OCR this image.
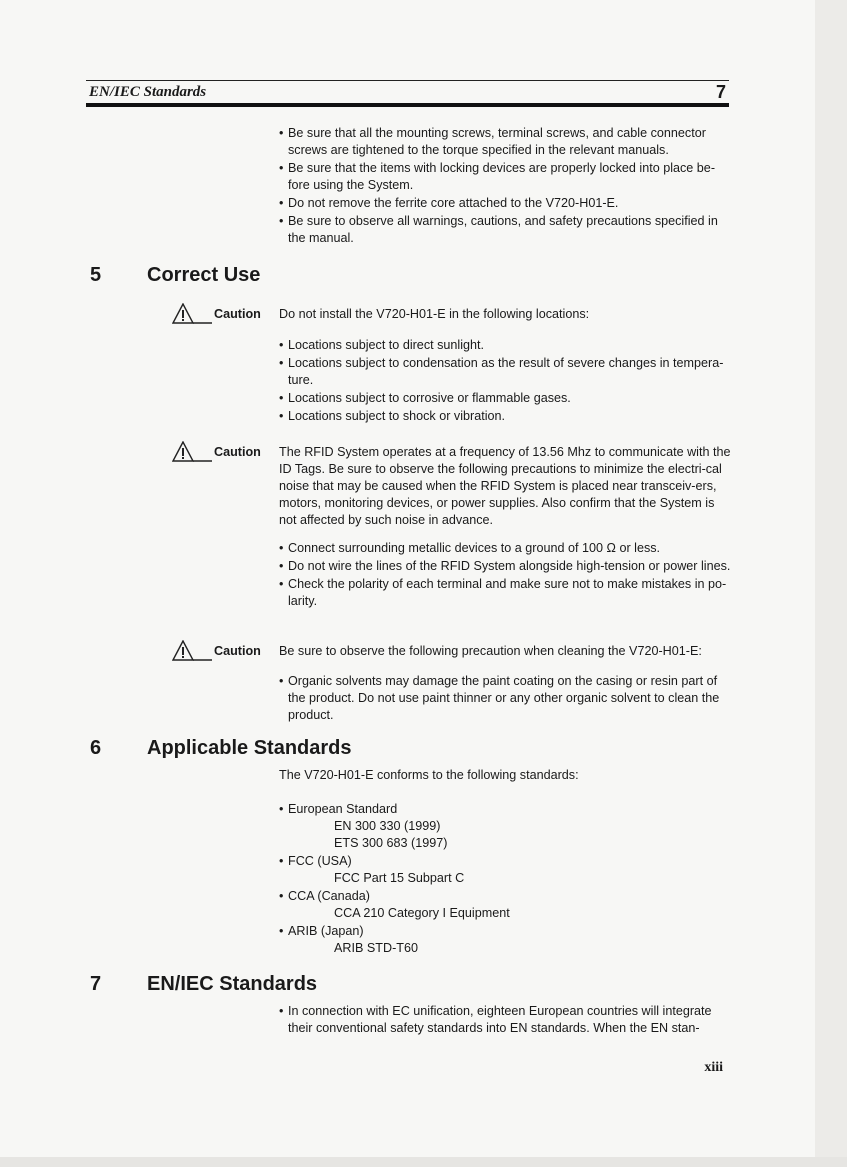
EN/IEC Standards	7
• Be sure that all the mounting screws, terminal screws, and cable connector screws are tightened to the torque specified in the relevant manuals.
• Be sure that the items with locking devices are properly locked into place be-fore using the System.
• Do not remove the ferrite core attached to the V720-H01-E.
• Be sure to observe all warnings, cautions, and safety precautions specified in the manual.
5 Correct Use
Caution Do not install the V720-H01-E in the following locations:

• Locations subject to direct sunlight.
• Locations subject to condensation as the result of severe changes in tempera-ture.
• Locations subject to corrosive or flammable gases.
• Locations subject to shock or vibration.
Caution The RFID System operates at a frequency of 13.56 Mhz to communicate with the ID Tags. Be sure to observe the following precautions to minimize the electri-cal noise that may be caused when the RFID System is placed near transceiv-ers, motors, monitoring devices, or power supplies. Also confirm that the System is not affected by such noise in advance.

• Connect surrounding metallic devices to a ground of 100 Ω or less.
• Do not wire the lines of the RFID System alongside high-tension or power lines.
• Check the polarity of each terminal and make sure not to make mistakes in po-larity.
Caution Be sure to observe the following precaution when cleaning the V720-H01-E:

• Organic solvents may damage the paint coating on the casing or resin part of the product. Do not use paint thinner or any other organic solvent to clean the product.
6 Applicable Standards

The V720-H01-E conforms to the following standards:

• European Standard
EN 300 330 (1999)
ETS 300 683 (1997)
• FCC (USA)
FCC Part 15 Subpart C
• CCA (Canada)
CCA 210 Category I Equipment
• ARIB (Japan)
ARIB STD-T60
7 EN/IEC Standards
• In connection with EC unification, eighteen European countries will integrate their conventional safety standards into EN standards. When the EN stan-
xiii
